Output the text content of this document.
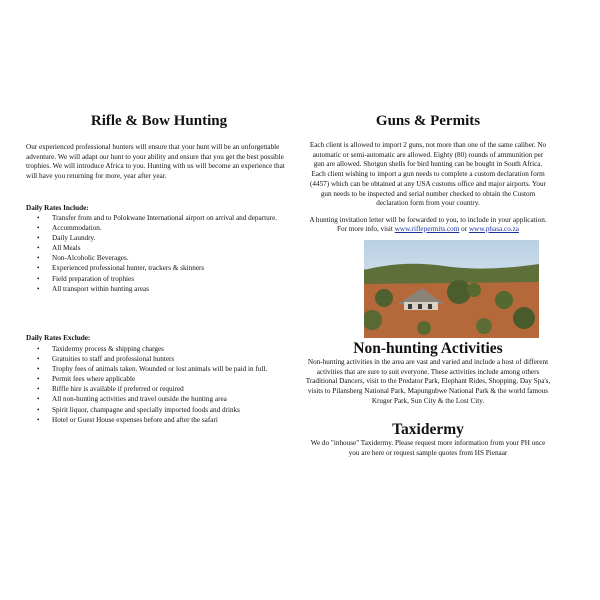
Rifle & Bow Hunting

Our experienced professional hunters will ensure that your hunt will be an unforgettable adventure. We will adapt our hunt to your ability and ensure that you get the best possible trophies. We will introduce Africa to you. Hunting with us will become an experience that will have you returning for more, year after year.

Daily Rates Include:

• Transfer from and to Polokwane International airport on arrival and departure.
• Accommodation.
• Daily Laundry.
• All Meals
• Non-Alcoholic Beverages.
• Experienced professional hunter, trackers & skinners
• Field preparation of trophies
• All transport within hunting areas

Daily Rates Exclude:

• Taxidermy process & shipping charges
• Gratuities to staff and professional hunters
• Trophy fees of animals taken. Wounded or lost animals will be paid in full.
• Permit fees where applicable
• Riffle hire is available if preferred or required
• All non-hunting activities and travel outside the hunting area
• Spirit liquor, champagne and specially imported foods and drinks
• Hotel or Guest House expenses before and after the safari
Guns & Permits

Each client is allowed to import 2 guns, not more than one of the same caliber. No automatic or semi-automatic are allowed. Eighty (80) rounds of ammunition per gun are allowed. Shotgun shells for bird hunting can be bought in South Africa. Each client wishing to import a gun needs to complete a custom declaration form (4457) which can be obtained at any USA customs office and major airports. Your gun needs to be inspected and serial number checked to obtain the Custom declaration form from your country.

A hunting invitation letter will be forwarded to you, to include in your application.

For more info, visit www.riflepermits.com or www.phasa.co.za

Non-hunting Activities

Non-hunting activities in the area are vast and varied and include a host of different activities that are sure to suit everyone. These activities include among others Traditional Dancers, visit to the Predator Park, Elephant Rides, Shopping, Day Spa's, visits to Pilansberg National Park, Mapungubwe National Park & the world famous Kruger Park, Sun City & the Lost City.

Taxidermy

We do "inhouse" Taxidermy. Please request more information from your PH once you are here or request sample quotes from HS Pienaar
